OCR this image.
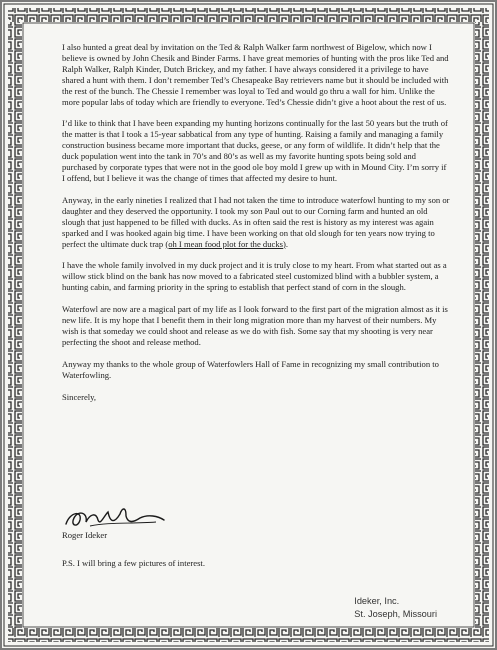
I also hunted a great deal by invitation on the Ted & Ralph Walker farm northwest of Bigelow, which now I believe is owned by John Chesik and Binder Farms. I have great memories of hunting with the pros like Ted and Ralph Walker, Ralph Kinder, Dutch Brickey, and my father. I have always considered it a privilege to have shared a hunt with them. I don’t remember Ted’s Chesapeake Bay retrievers name but it should be included with the rest of the bunch. The Chessie I remember was loyal to Ted and would go thru a wall for him. Unlike the more popular labs of today which are friendly to everyone. Ted’s Chessie didn’t give a hoot about the rest of us.

I’d like to think that I have been expanding my hunting horizons continually for the last 50 years but the truth of the matter is that I took a 15-year sabbatical from any type of hunting. Raising a family and managing a family construction business became more important that ducks, geese, or any form of wildlife. It didn’t help that the duck population went into the tank in 70’s and 80’s as well as my favorite hunting spots being sold and purchased by corporate types that were not in the good ole boy mold I grew up with in Mound City. I’m sorry if I offend, but I believe it was the change of times that affected my desire to hunt.

Anyway, in the early nineties I realized that I had not taken the time to introduce waterfowl hunting to my son or daughter and they deserved the opportunity. I took my son Paul out to our Corning farm and hunted an old slough that just happened to be filled with ducks. As in often said the rest is history as my interest was again sparked and I was hooked again big time. I have been working on that old slough for ten years now trying to perfect the ultimate duck trap (oh I mean food plot for the ducks).

I have the whole family involved in my duck project and it is truly close to my heart. From what started out as a willow stick blind on the bank has now moved to a fabricated steel customized blind with a bubbler system, a hunting cabin, and farming priority in the spring to establish that perfect stand of corn in the slough.

Waterfowl are now are a magical part of my life as I look forward to the first part of the migration almost as it is new life. It is my hope that I benefit them in their long migration more than my harvest of their numbers. My wish is that someday we could shoot and release as we do with fish. Some say that my shooting is very near perfecting the shoot and release method.

Anyway my thanks to the whole group of Waterfowlers Hall of Fame in recognizing my small contribution to Waterfowling.

Sincerely,

Roger Ideker
P.S. I will bring a few pictures of interest.
Ideker, Inc.
St. Joseph, Missouri
